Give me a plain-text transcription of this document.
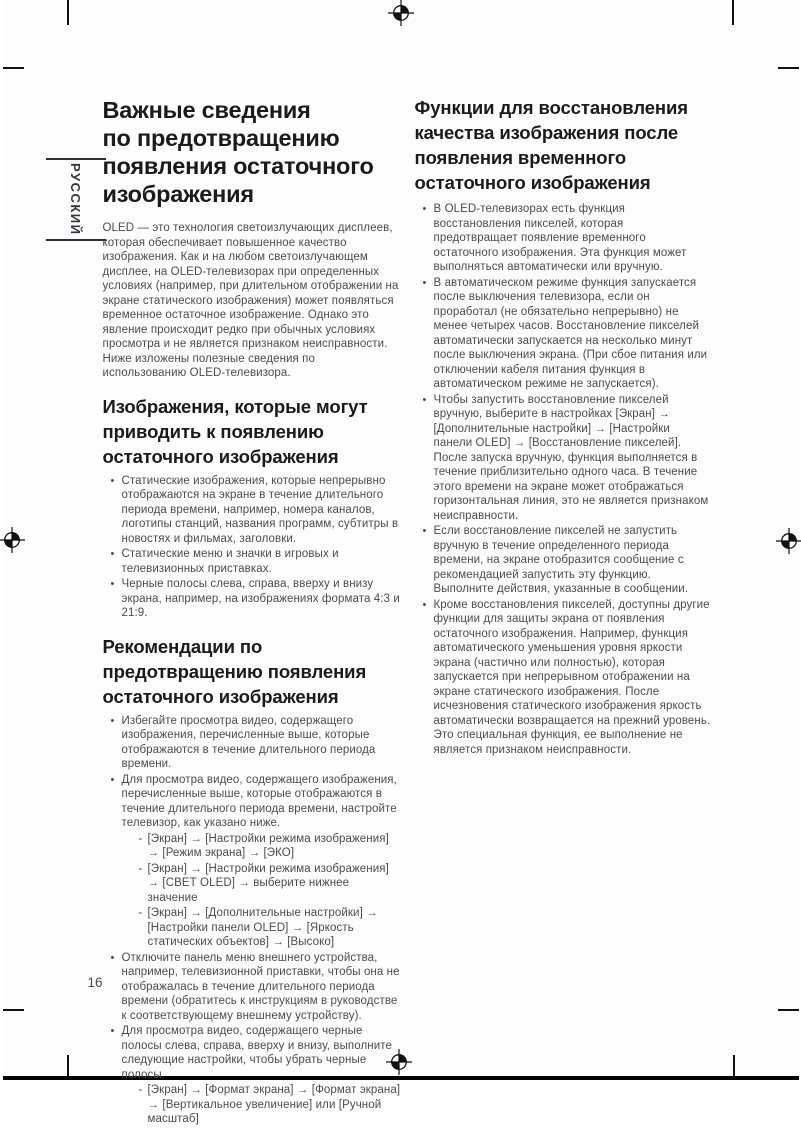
РУССКИЙ
16
Важные сведения
по предотвращению
появления остаточного
изображения

OLED — это технология светоизлучающих дисплеев, которая обеспечивает повышенное качество изображения. Как и на любом светоизлучающем дисплее, на OLED-телевизорах при определенных условиях (например, при длительном отображении на экране статического изображения) может появляться временное остаточное изображение. Однако это явление происходит редко при обычных условиях просмотра и не является признаком неисправности. Ниже изложены полезные сведения по использованию OLED-телевизора.

Изображения, которые могут
приводить к появлению
остаточного изображения
• Статические изображения, которые непрерывно отображаются на экране в течение длительного периода времени, например, номера каналов, логотипы станций, названия программ, субтитры в новостях и фильмах, заголовки.
• Статические меню и значки в игровых и телевизионных приставках.
• Черные полосы слева, справа, вверху и внизу экрана, например, на изображениях формата 4:3 и 21:9.
Рекомендации по
предотвращению появления
остаточного изображения
• Избегайте просмотра видео, содержащего изображения, перечисленные выше, которые отображаются в течение длительного периода времени.
• Для просмотра видео, содержащего изображения, перечисленные выше, которые отображаются в течение длительного периода времени, настройте телевизор, как указано ниже.
- [Экран] → [Настройки режима изображения] → [Режим экрана] → [ЭКО]
- [Экран] → [Настройки режима изображения] → [СВЕТ OLED] → выберите нижнее значение
- [Экран] → [Дополнительные настройки] → [Настройки панели OLED] → [Яркость статических объектов] → [Высоко]
• Отключите панель меню внешнего устройства, например, телевизионной приставки, чтобы она не отображалась в течение длительного периода времени (обратитесь к инструкциям в руководстве к соответствующему внешнему устройству).
• Для просмотра видео, содержащего черные полосы слева, справа, вверху и внизу, выполните следующие настройки, чтобы убрать черные полосы.
- [Экран] → [Формат экрана] → [Формат экрана] → [Вертикальное увеличение] или [Ручной масштаб]
Функции для восстановления
качества изображения после
появления временного
остаточного изображения
• В OLED-телевизорах есть функция восстановления пикселей, которая предотвращает появление временного остаточного изображения. Эта функция может выполняться автоматически или вручную.
• В автоматическом режиме функция запускается после выключения телевизора, если он проработал (не обязательно непрерывно) не менее четырех часов. Восстановление пикселей автоматически запускается на несколько минут после выключения экрана. (При сбое питания или отключении кабеля питания функция в автоматическом режиме не запускается).
• Чтобы запустить восстановление пикселей вручную, выберите в настройках [Экран] → [Дополнительные настройки] → [Настройки панели OLED] → [Восстановление пикселей]. После запуска вручную, функция выполняется в течение приблизительно одного часа. В течение этого времени на экране может отображаться горизонтальная линия, это не является признаком неисправности.
• Если восстановление пикселей не запустить вручную в течение определенного периода времени, на экране отобразится сообщение с рекомендацией запустить эту функцию. Выполните действия, указанные в сообщении.
• Кроме восстановления пикселей, доступны другие функции для защиты экрана от появления остаточного изображения. Например, функция автоматического уменьшения уровня яркости экрана (частично или полностью), которая запускается при непрерывном отображении на экране статического изображения. После исчезновения статического изображения яркость автоматически возвращается на прежний уровень. Это специальная функция, ее выполнение не является признаком неисправности.
